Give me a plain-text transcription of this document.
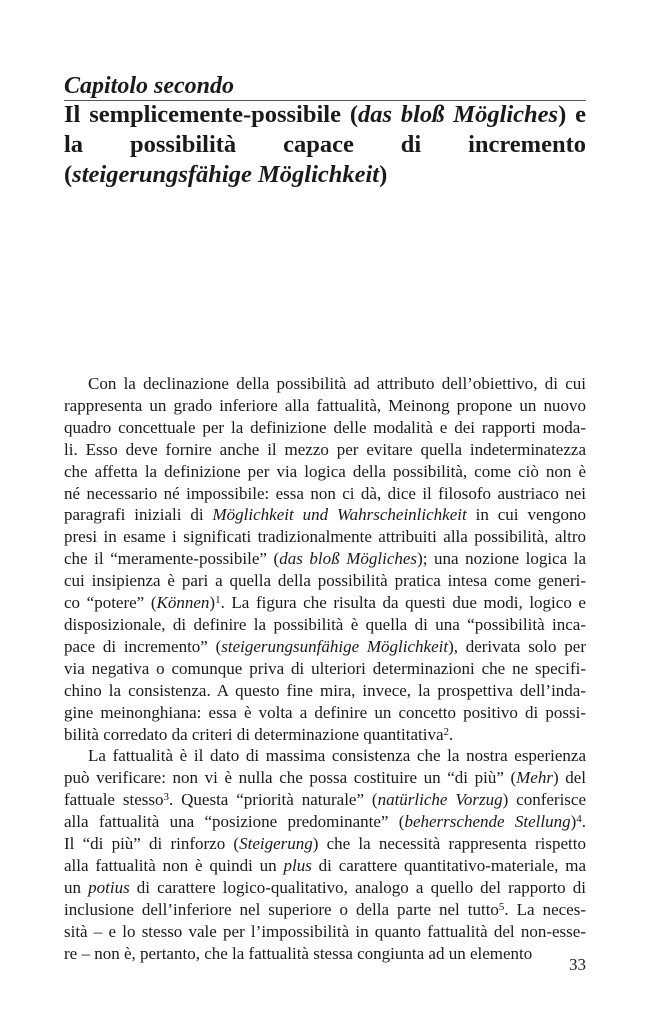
Capitolo secondo
Il semplicemente-possibile (das bloß Mögliches) e la possibilità capace di incremento (steigerungsfähige Möglichkeit)
Con la declinazione della possibilità ad attributo dell’obiettivo, di cui
rappresenta un grado inferiore alla fattualità, Meinong propone un nuovo
quadro concettuale per la definizione delle modalità e dei rapporti moda-
li. Esso deve fornire anche il mezzo per evitare quella indeterminatezza
che affetta la definizione per via logica della possibilità, come ciò non è
né necessario né impossibile: essa non ci dà, dice il filosofo austriaco nei
paragrafi iniziali di Möglichkeit und Wahrscheinlichkeit in cui vengono
presi in esame i significati tradizionalmente attribuiti alla possibilità, altro
che il “meramente-possibile” (das bloß Mögliches); una nozione logica la
cui insipienza è pari a quella della possibilità pratica intesa come generi-
co “potere” (Können)$^1$. La figura che risulta da questi due modi, logico e
disposizionale, di definire la possibilità è quella di una “possibilità inca-
pace di incremento” (steigerungsunfähige Möglichkeit), derivata solo per
via negativa o comunque priva di ulteriori determinazioni che ne specifi-
chino la consistenza. A questo fine mira, invece, la prospettiva dell’inda-
gine meinonghiana: essa è volta a definire un concetto positivo di possi-
bilità corredato da criteri di determinazione quantitativa$^2$.
La fattualità è il dato di massima consistenza che la nostra esperienza
può verificare: non vi è nulla che possa costituire un “di più” (Mehr) del
fattuale stesso$^3$. Questa “priorità naturale” (natürliche Vorzug) conferisce
alla fattualità una “posizione predominante” (beherrschende Stellung)$^4$.
Il “di più” di rinforzo (Steigerung) che la necessità rappresenta rispetto
alla fattualità non è quindi un plus di carattere quantitativo-materiale, ma
un potius di carattere logico-qualitativo, analogo a quello del rapporto di
inclusione dell’inferiore nel superiore o della parte nel tutto$^5$. La neces-
sità – e lo stesso vale per l’impossibilità in quanto fattualità del non-esse-
re – non è, pertanto, che la fattualità stessa congiunta ad un elemento

33
